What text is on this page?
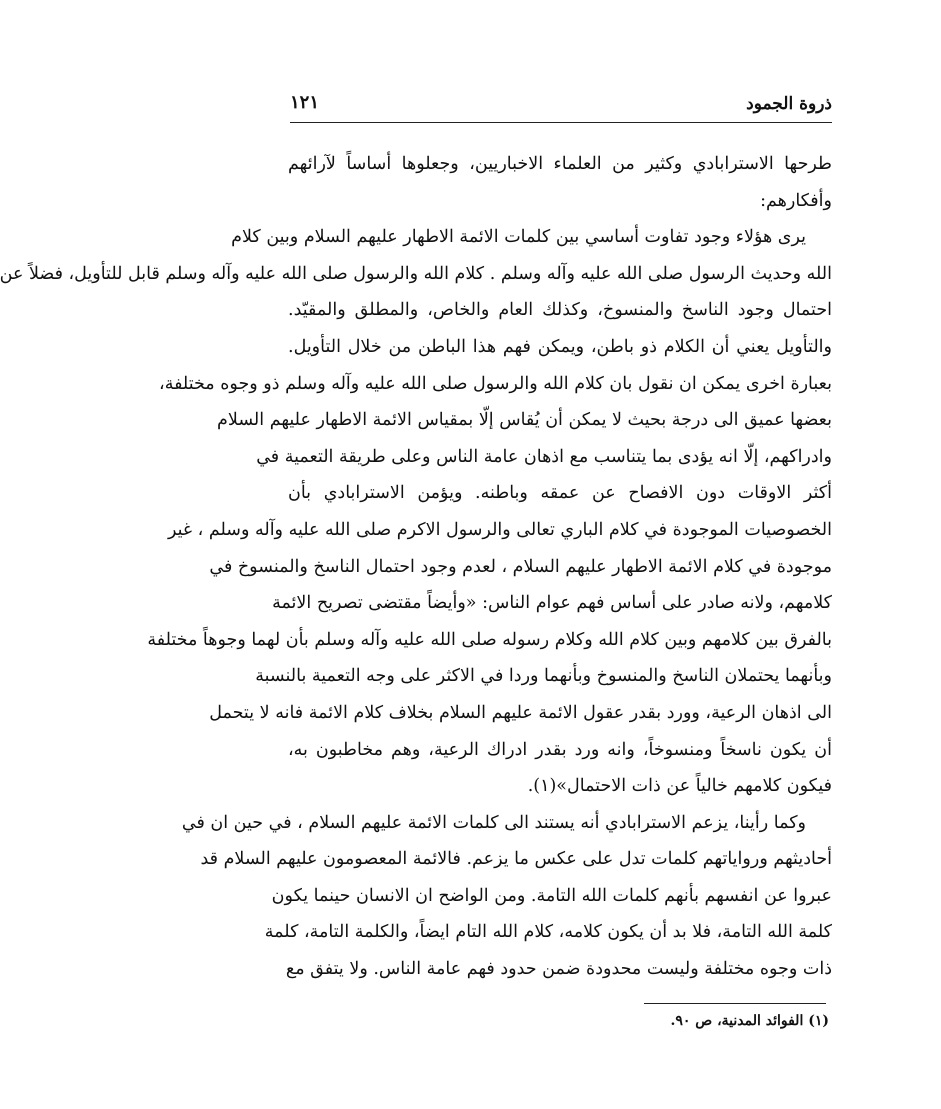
ذروة الجمود
١٢١
طرحها الاسترابادي وكثير من العلماء الاخباريين، وجعلوها أساساً لآرائهم
وأفكارهم:
يرى هؤلاء وجود تفاوت أساسي بين كلمات الائمة الاطهار عليهم السلام وبين كلام
الله وحديث الرسول صلى الله عليه وآله وسلم . كلام الله والرسول صلى الله عليه وآله وسلم قابل للتأويل، فضلاً عن
احتمال وجود الناسخ والمنسوخ، وكذلك العام والخاص، والمطلق والمقيّد.
والتأويل يعني أن الكلام ذو باطن، ويمكن فهم هذا الباطن من خلال التأويل.
بعبارة اخرى يمكن ان نقول بان كلام الله والرسول صلى الله عليه وآله وسلم ذو وجوه مختلفة،
بعضها عميق الى درجة بحيث لا يمكن أن يُقاس إلّا بمقياس الائمة الاطهار عليهم السلام
وادراكهم، إلّا انه يؤدى بما يتناسب مع اذهان عامة الناس وعلى طريقة التعمية في
أكثر الاوقات دون الافصاح عن عمقه وباطنه. ويؤمن الاسترابادي بأن
الخصوصيات الموجودة في كلام الباري تعالى والرسول الاكرم صلى الله عليه وآله وسلم ، غير
موجودة في كلام الائمة الاطهار عليهم السلام ، لعدم وجود احتمال الناسخ والمنسوخ في
كلامهم، ولانه صادر على أساس فهم عوام الناس: «وأيضاً مقتضى تصريح الائمة
بالفرق بين كلامهم وبين كلام الله وكلام رسوله صلى الله عليه وآله وسلم بأن لهما وجوهاً مختلفة
وبأنهما يحتملان الناسخ والمنسوخ وبأنهما وردا في الاكثر على وجه التعمية بالنسبة
الى اذهان الرعية، وورد بقدر عقول الائمة عليهم السلام بخلاف كلام الائمة فانه لا يتحمل
أن يكون ناسخاً ومنسوخاً، وانه ورد بقدر ادراك الرعية، وهم مخاطبون به،
فيكون كلامهم خالياً عن ذات الاحتمال»(١).
وكما رأينا، يزعم الاسترابادي أنه يستند الى كلمات الائمة عليهم السلام ، في حين ان في
أحاديثهم ورواياتهم كلمات تدل على عكس ما يزعم. فالائمة المعصومون عليهم السلام قد
عبروا عن انفسهم بأنهم كلمات الله التامة. ومن الواضح ان الانسان حينما يكون
كلمة الله التامة، فلا بد أن يكون كلامه، كلام الله التام ايضاً، والكلمة التامة، كلمة
ذات وجوه مختلفة وليست محدودة ضمن حدود فهم عامة الناس. ولا يتفق مع
(١) الفوائد المدنية، ص ٩٠.
